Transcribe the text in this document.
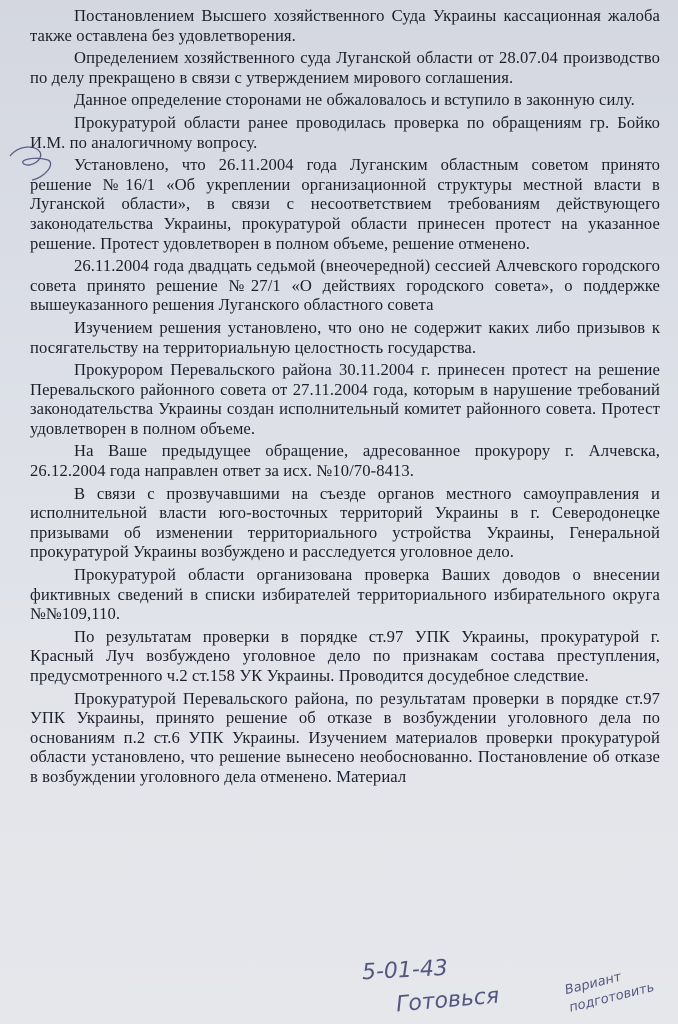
Постановлением Высшего хозяйственного Суда Украины кассационная жалоба также оставлена без удовлетворения.

Определением хозяйственного суда Луганской области от 28.07.04 производство по делу прекращено в связи с утверждением мирового соглашения.

Данное определение сторонами не обжаловалось и вступило в законную силу.

Прокуратурой области ранее проводилась проверка по обращениям гр. Бойко И.М. по аналогичному вопросу.

Установлено, что 26.11.2004 года Луганским областным советом принято решение №16/1 «Об укреплении организационной структуры местной власти в Луганской области», в связи с несоответствием требованиям действующего законодательства Украины, прокуратурой области принесен протест на указанное решение. Протест удовлетворен в полном объеме, решение отменено.

26.11.2004 года двадцать седьмой (внеочередной) сессией Алчевского городского совета принято решение №27/1 «О действиях городского совета», о поддержке вышеуказанного решения Луганского областного совета

Изучением решения установлено, что оно не содержит каких либо призывов к посягательству на территориальную целостность государства.

Прокурором Перевальского района 30.11.2004 г. принесен протест на решение Перевальского районного совета от 27.11.2004 года, которым в нарушение требований законодательства Украины создан исполнительный комитет районного совета. Протест удовлетворен в полном объеме.

На Ваше предыдущее обращение, адресованное прокурору г. Алчевска, 26.12.2004 года направлен ответ за исх. №10/70-8413.

В связи с прозвучавшими на съезде органов местного самоуправления и исполнительной власти юго-восточных территорий Украины в г. Северодонецке призывами об изменении территориального устройства Украины, Генеральной прокуратурой Украины возбуждено и расследуется уголовное дело.

Прокуратурой области организована проверка Ваших доводов о внесении фиктивных сведений в списки избирателей территориального избирательного округа №№109,110.

По результатам проверки в порядке ст.97 УПК Украины, прокуратурой г. Красный Луч возбуждено уголовное дело по признакам состава преступления, предусмотренного ч.2 ст.158 УК Украины. Проводится досудебное следствие.

Прокуратурой Перевальского района, по результатам проверки в порядке ст.97 УПК Украины, принято решение об отказе в возбуждении уголовного дела по основаниям п.2 ст.6 УПК Украины. Изучением материалов проверки прокуратурой области установлено, что решение вынесено необоснованно. Постановление об отказе в возбуждении уголовного дела отменено. Материал

5-01-43
Готовься	Вариант подготовить
